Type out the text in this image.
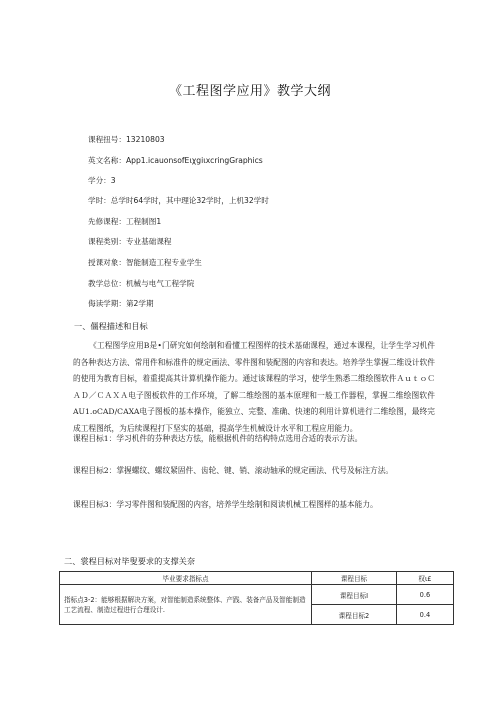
《工程图学应用》教学大纲
课程扭号：13210803
英文名称：App1.icauonsofEιχgiιxcringGraphics
学分：3
学时：总学时64学时，其中理论32学时，上机32学时
先修课程：工程制图1
课程类别：专业基础课程
授课对象：智能制造工程专业学生
教学总位：机械与电气工程学院
侮读学期：第2学期
一、僵程描述和目标
《工程图学应用B是•门研究如何绘制和看懂工程图样的技术基础课程，通过本课程，让学生学习机件的各种表达方法、常用件和标准件的规定画法、零件图和装配图的内容和表达。培养学生掌握二维设计软件的使用为教育目标，着重提高其计算机操作能力。通过该课程的学习，使学生熟悉二维绘图软件ＡｕｔｏＣＡＤ／ＣＡＸＡ电子图板软件的工作环境，了解二维绘图的基本原理和一般工作器程，掌握二维绘图软件AU1.oCAD/CAXA电子图板的基本操作，能独立、完整、准确、快速的利用计算机进行二维绘图，最终完成工程图纸，为后续课程打下坚实的基础，提高学生机械设计水平和工程应用能力。
课程目标1：学习机件的芬种表达方怯，能根据机件的结构特点选用合适的表示方法。
课程目标2：掌握螺纹、螺纹紧固件、齿轮、键、销、滚动轴承的规定画法、代号及标注方法。
课程目标3：学习零件图和装配图的内容，培养学生绘制和阅读机械工程图样的基本能力。
二、裳程目标对毕叟要求的支撑关奈
毕业要求指标点	课程目标	权ι£
指标点3-2：能够根据解决方案，对智能制造系统整体、产践、装备产品及智能制造工艺流程、制造过程进行合理设计.	课程目标I	0.6
	课程目标2	0.4
